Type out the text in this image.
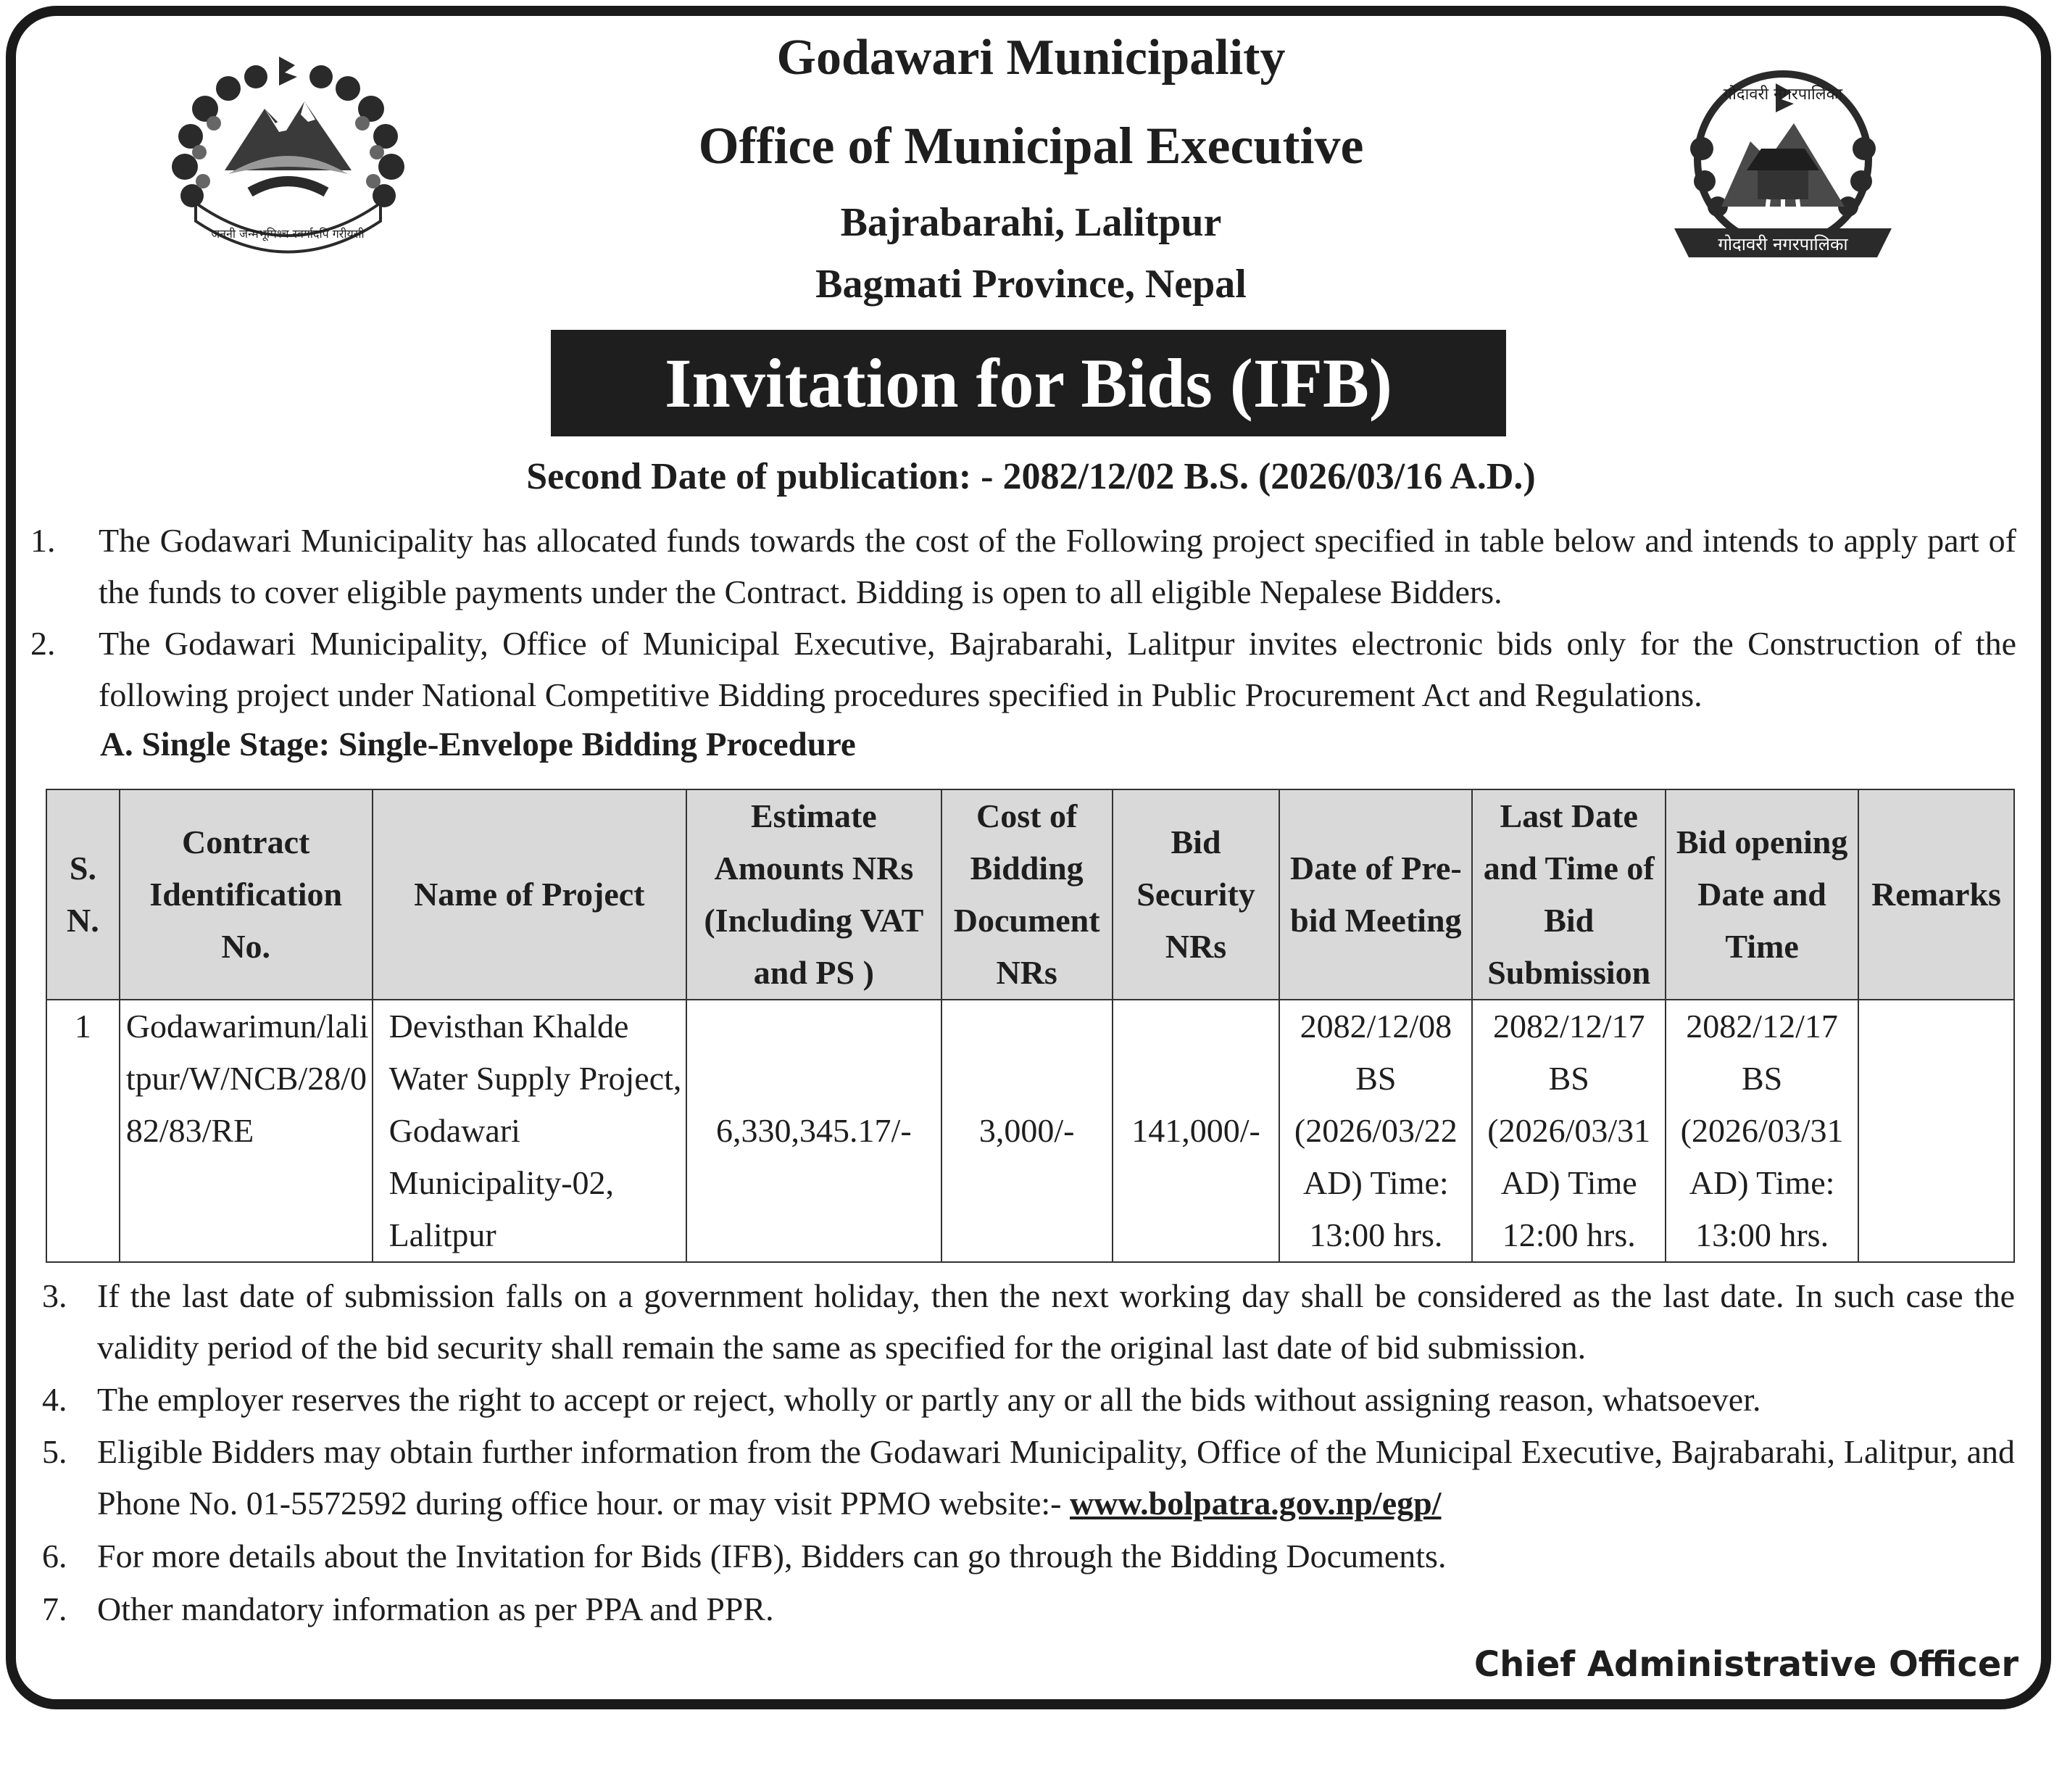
जननी जन्मभूमिश्च स्वर्गादपि गरीयसी
गोदावरी नगरपालिका
गोदावरी नगरपालिका
Godawari Municipality
Office of Municipal Executive
Bajrabarahi, Lalitpur
Bagmati Province, Nepal
Invitation for Bids (IFB)
Second Date of publication: - 2082/12/02 B.S. (2026/03/16 A.D.)
1. The Godawari Municipality has allocated funds towards the cost of the Following project specified in table below and intends to apply part of the funds to cover eligible payments under the Contract. Bidding is open to all eligible Nepalese Bidders.
2. The Godawari Municipality, Office of Municipal Executive, Bajrabarahi, Lalitpur invites electronic bids only for the Construction of the following project under National Competitive Bidding procedures specified in Public Procurement Act and Regulations.
A. Single Stage: Single-Envelope Bidding Procedure
S. N.	Contract Identification No.	Name of Project	Estimate Amounts NRs (Including VAT and PS )	Cost of Bidding Document NRs	Bid Security NRs	Date of Pre-bid Meeting	Last Date and Time of Bid Submission	Bid opening Date and Time	Remarks
1	Godawarimun/lalitpur/W/NCB/28/082/83/RE	Devisthan Khalde Water Supply Project, Godawari Municipality-02, Lalitpur	6,330,345.17/-	3,000/-	141,000/-	2082/12/08 BS (2026/03/22 AD) Time: 13:00 hrs.	2082/12/17 BS (2026/03/31 AD) Time 12:00 hrs.	2082/12/17 BS (2026/03/31 AD) Time: 13:00 hrs.	
3. If the last date of submission falls on a government holiday, then the next working day shall be considered as the last date. In such case the validity period of the bid security shall remain the same as specified for the original last date of bid submission.
4. The employer reserves the right to accept or reject, wholly or partly any or all the bids without assigning reason, whatsoever.
5. Eligible Bidders may obtain further information from the Godawari Municipality, Office of the Municipal Executive, Bajrabarahi, Lalitpur, and Phone No. 01-5572592 during office hour. or may visit PPMO website:- www.bolpatra.gov.np/egp/
6. For more details about the Invitation for Bids (IFB), Bidders can go through the Bidding Documents.
7. Other mandatory information as per PPA and PPR.
Chief Administrative Officer
